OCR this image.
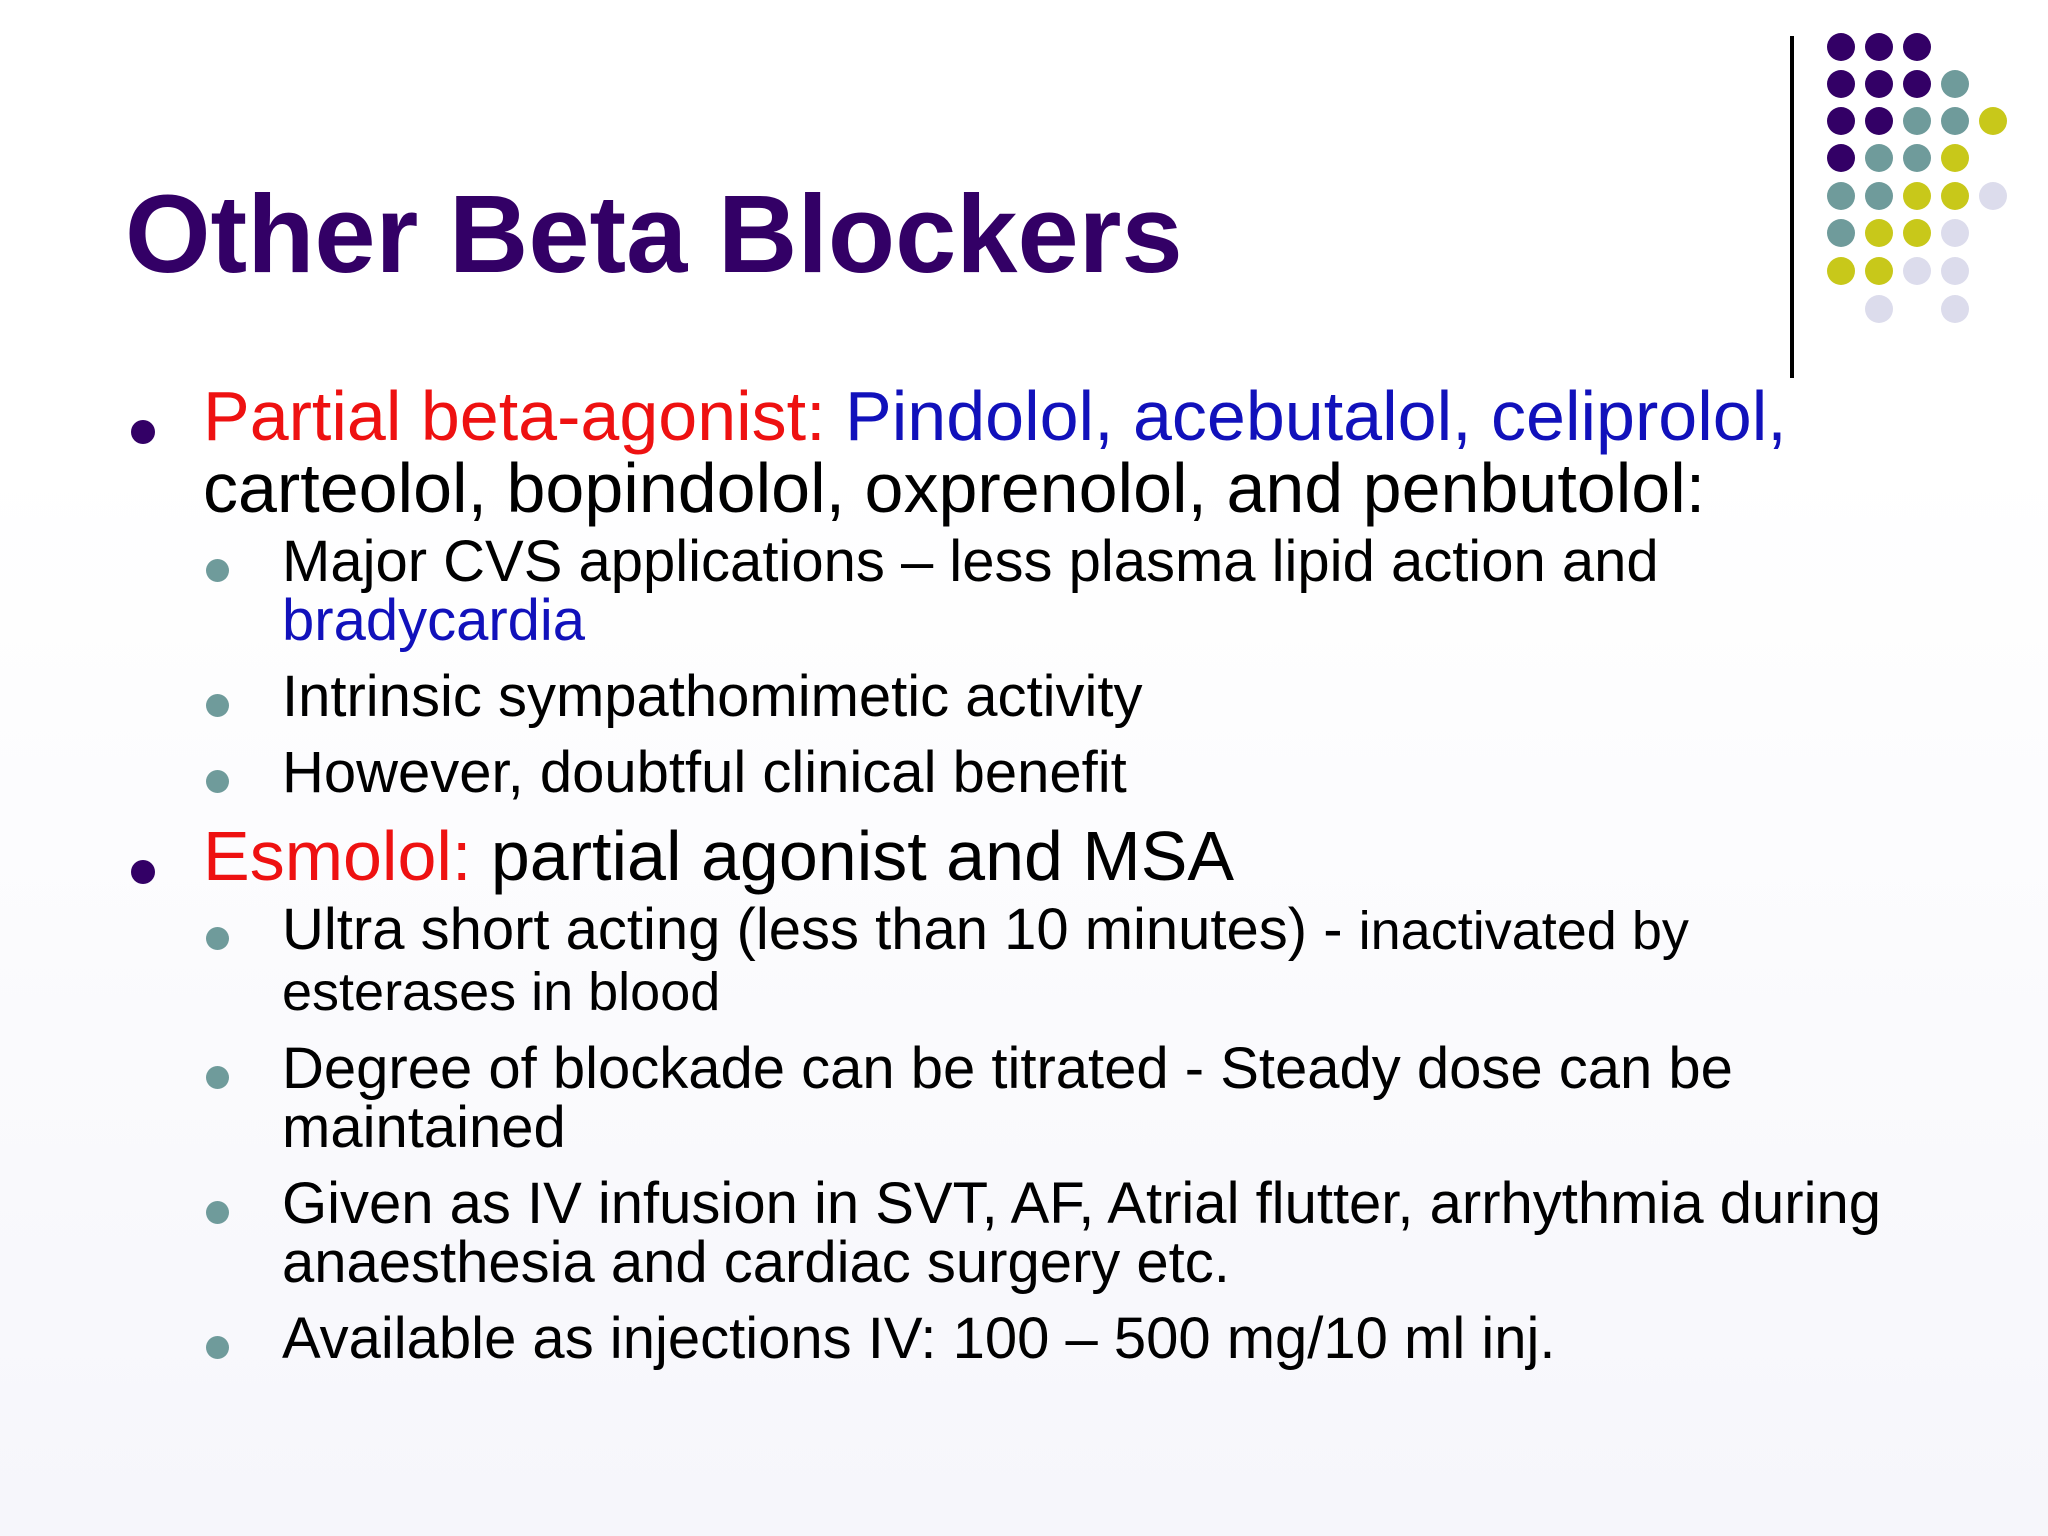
Other Beta Blockers
Partial beta-agonist: Pindolol, acebutalol, celiprolol, carteolol, bopindolol, oxprenolol, and penbutolol:
Major CVS applications – less plasma lipid action and bradycardia
Intrinsic sympathomimetic activity
However, doubtful clinical benefit
Esmolol: partial agonist and MSA
Ultra short acting (less than 10 minutes) - inactivated by esterases in blood
Degree of blockade can be titrated - Steady dose can be maintained
Given as IV infusion in SVT, AF, Atrial flutter, arrhythmia during anaesthesia and cardiac surgery etc.
Available as injections IV: 100 – 500 mg/10 ml inj.
